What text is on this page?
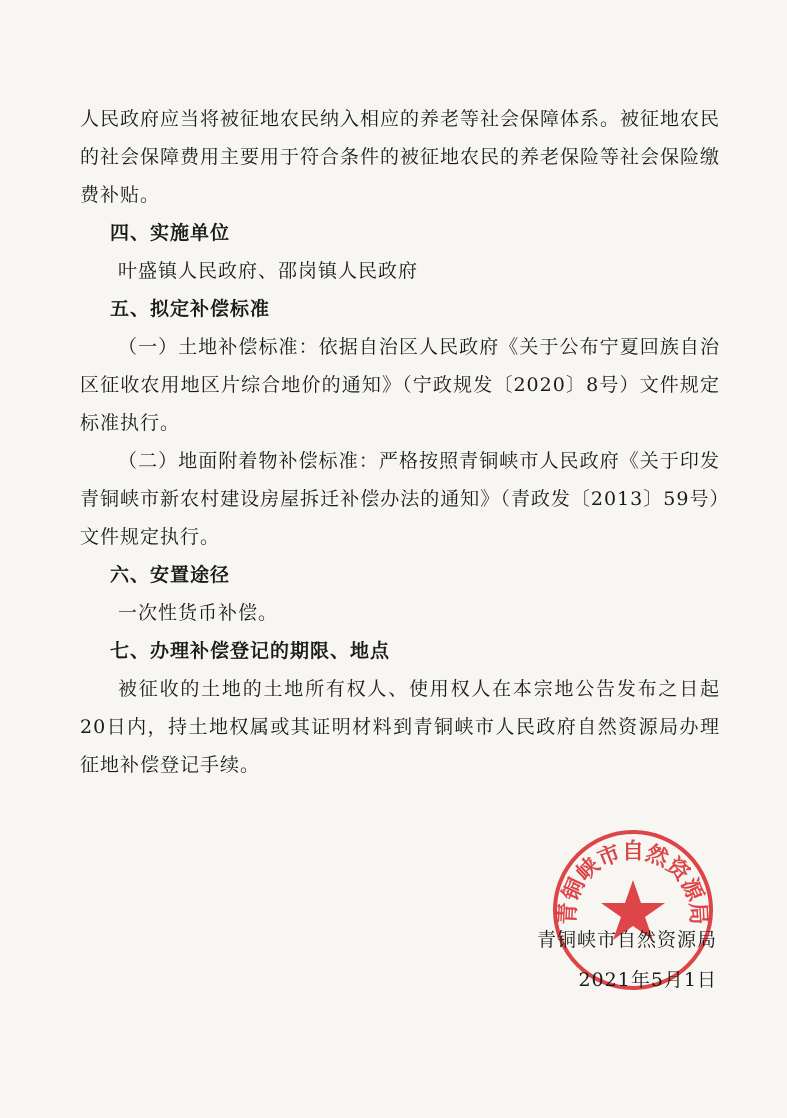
人民政府应当将被征地农民纳入相应的养老等社会保障体系。被征地农民的社会保障费用主要用于符合条件的被征地农民的养老保险等社会保险缴费补贴。

四、实施单位

叶盛镇人民政府、邵岗镇人民政府

五、拟定补偿标准

（一）土地补偿标准：依据自治区人民政府《关于公布宁夏回族自治区征收农用地区片综合地价的通知》（宁政规发〔2020〕8号）文件规定标准执行。

（二）地面附着物补偿标准：严格按照青铜峡市人民政府《关于印发青铜峡市新农村建设房屋拆迁补偿办法的通知》（青政发〔2013〕59号）文件规定执行。

六、安置途径

一次性货币补偿。

七、办理补偿登记的期限、地点

被征收的土地的土地所有权人、使用权人在本宗地公告发布之日起20日内，持土地权属或其证明材料到青铜峡市人民政府自然资源局办理征地补偿登记手续。

青铜峡市自然资源局
青铜峡市自然资源局
2021年5月1日
